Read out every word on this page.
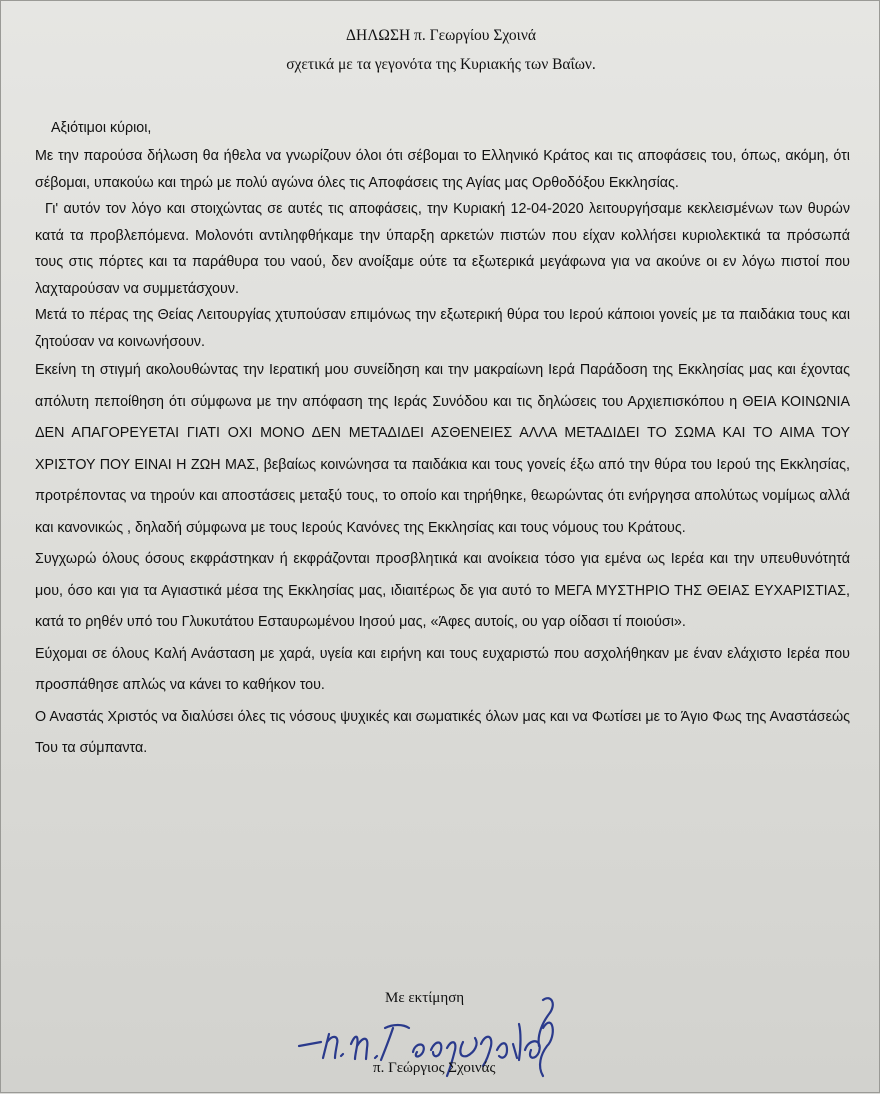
ΔΗΛΩΣΗ π. Γεωργίου Σχοινά
σχετικά με τα γεγονότα της Κυριακής των Βαΐων.

Αξιότιμοι κύριοι,

Με την παρούσα δήλωση θα ήθελα να γνωρίζουν όλοι ότι σέβομαι το Ελληνικό Κράτος και τις αποφάσεις του, όπως, ακόμη, ότι σέβομαι, υπακούω και τηρώ με πολύ αγώνα όλες τις Αποφάσεις της Αγίας μας Ορθοδόξου Εκκλησίας.

Γι' αυτόν τον λόγο και στοιχώντας σε αυτές τις αποφάσεις, την Κυριακή 12-04-2020 λειτουργήσαμε κεκλεισμένων των θυρών κατά τα προβλεπόμενα. Μολονότι αντιληφθήκαμε την ύπαρξη αρκετών πιστών που είχαν κολλήσει κυριολεκτικά τα πρόσωπά τους στις πόρτες και τα παράθυρα του ναού, δεν ανοίξαμε ούτε τα εξωτερικά μεγάφωνα για να ακούνε οι εν λόγω πιστοί που λαχταρούσαν να συμμετάσχουν.

Μετά το πέρας της Θείας Λειτουργίας χτυπούσαν επιμόνως την εξωτερική θύρα του Ιερού κάποιοι γονείς με τα παιδάκια τους και ζητούσαν να κοινωνήσουν.

Εκείνη τη στιγμή ακολουθώντας την Ιερατική μου συνείδηση και την μακραίωνη Ιερά Παράδοση της Εκκλησίας μας και έχοντας απόλυτη πεποίθηση ότι σύμφωνα με την απόφαση της Ιεράς Συνόδου και τις δηλώσεις του Αρχιεπισκόπου η ΘΕΙΑ ΚΟΙΝΩΝΙΑ ΔΕΝ ΑΠΑΓΟΡΕΥΕΤΑΙ ΓΙΑΤΙ ΟΧΙ ΜΟΝΟ ΔΕΝ ΜΕΤΑΔΙΔΕΙ ΑΣΘΕΝΕΙΕΣ ΑΛΛΑ ΜΕΤΑΔΙΔΕΙ ΤΟ ΣΩΜΑ ΚΑΙ ΤΟ ΑΙΜΑ ΤΟΥ ΧΡΙΣΤΟΥ ΠΟΥ ΕΙΝΑΙ Η ΖΩΗ ΜΑΣ, βεβαίως κοινώνησα τα παιδάκια και τους γονείς έξω από την θύρα του Ιερού της Εκκλησίας, προτρέποντας να τηρούν και αποστάσεις μεταξύ τους, το οποίο και τηρήθηκε, θεωρώντας ότι ενήργησα απολύτως νομίμως αλλά και κανονικώς , δηλαδή σύμφωνα με τους Ιερούς Κανόνες της Εκκλησίας και τους νόμους του Κράτους.

Συγχωρώ όλους όσους εκφράστηκαν ή εκφράζονται προσβλητικά και ανοίκεια τόσο για εμένα ως Ιερέα και την υπευθυνότητά μου, όσο και για τα Αγιαστικά μέσα της Εκκλησίας μας, ιδιαιτέρως δε για αυτό το ΜΕΓΑ ΜΥΣΤΗΡΙΟ ΤΗΣ ΘΕΙΑΣ ΕΥΧΑΡΙΣΤΙΑΣ, κατά το ρηθέν υπό του Γλυκυτάτου Εσταυρωμένου Ιησού μας, «Άφες αυτοίς, ου γαρ οίδασι τί ποιούσι».

Εύχομαι σε όλους Καλή Ανάσταση με χαρά, υγεία και ειρήνη και τους ευχαριστώ που ασχολήθηκαν με έναν ελάχιστο Ιερέα που προσπάθησε απλώς να κάνει το καθήκον του.

Ο Αναστάς Χριστός να διαλύσει όλες τις νόσους ψυχικές και σωματικές όλων μας και να Φωτίσει με το Άγιο Φως της Αναστάσεώς Του τα σύμπαντα.

Με εκτίμηση
π. Γεώργιος Σχοινάς
